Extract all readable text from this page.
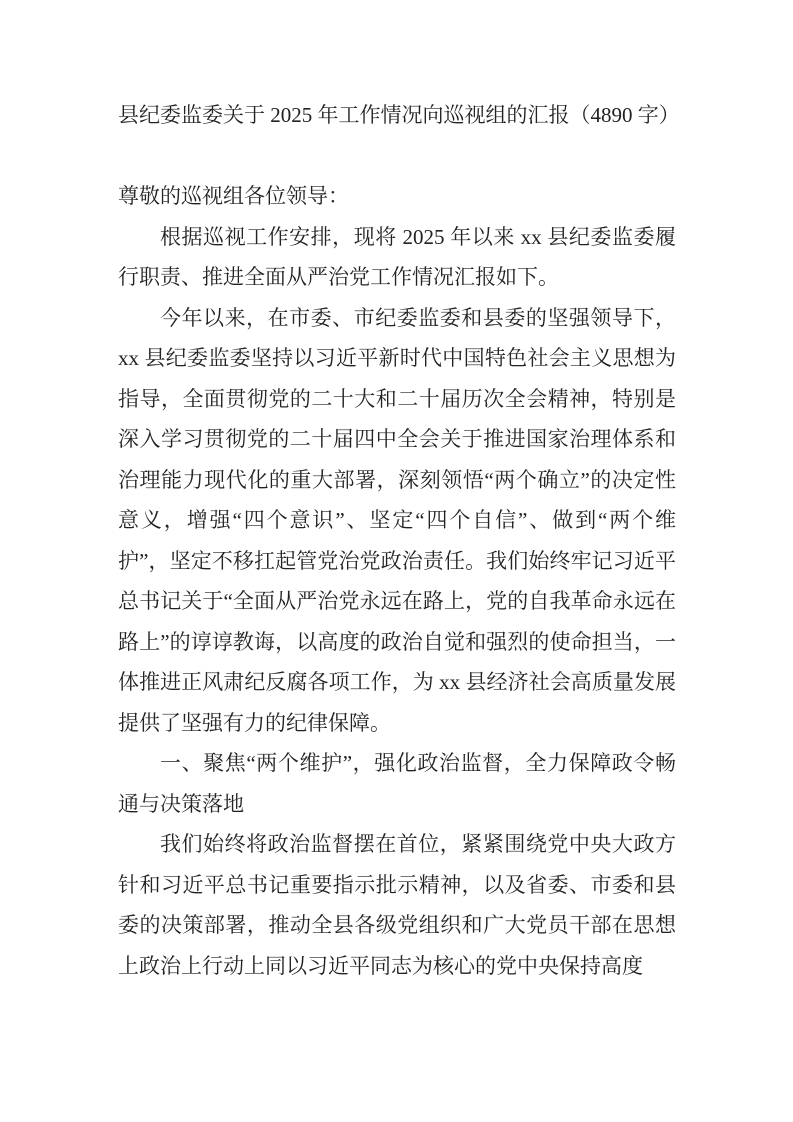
县纪委监委关于 2025 年工作情况向巡视组的汇报（4890 字）

尊敬的巡视组各位领导：

根据巡视工作安排，现将 2025 年以来 xx 县纪委监委履行职责、推进全面从严治党工作情况汇报如下。

今年以来，在市委、市纪委监委和县委的坚强领导下，xx 县纪委监委坚持以习近平新时代中国特色社会主义思想为指导，全面贯彻党的二十大和二十届历次全会精神，特别是深入学习贯彻党的二十届四中全会关于推进国家治理体系和治理能力现代化的重大部署，深刻领悟“两个确立”的决定性意义，增强“四个意识”、坚定“四个自信”、做到“两个维护”，坚定不移扛起管党治党政治责任。我们始终牢记习近平总书记关于“全面从严治党永远在路上，党的自我革命永远在路上”的谆谆教诲，以高度的政治自觉和强烈的使命担当，一体推进正风肃纪反腐各项工作，为 xx 县经济社会高质量发展提供了坚强有力的纪律保障。

一、聚焦“两个维护”，强化政治监督，全力保障政令畅通与决策落地

我们始终将政治监督摆在首位，紧紧围绕党中央大政方针和习近平总书记重要指示批示精神，以及省委、市委和县委的决策部署，推动全县各级党组织和广大党员干部在思想上政治上行动上同以习近平同志为核心的党中央保持高度
